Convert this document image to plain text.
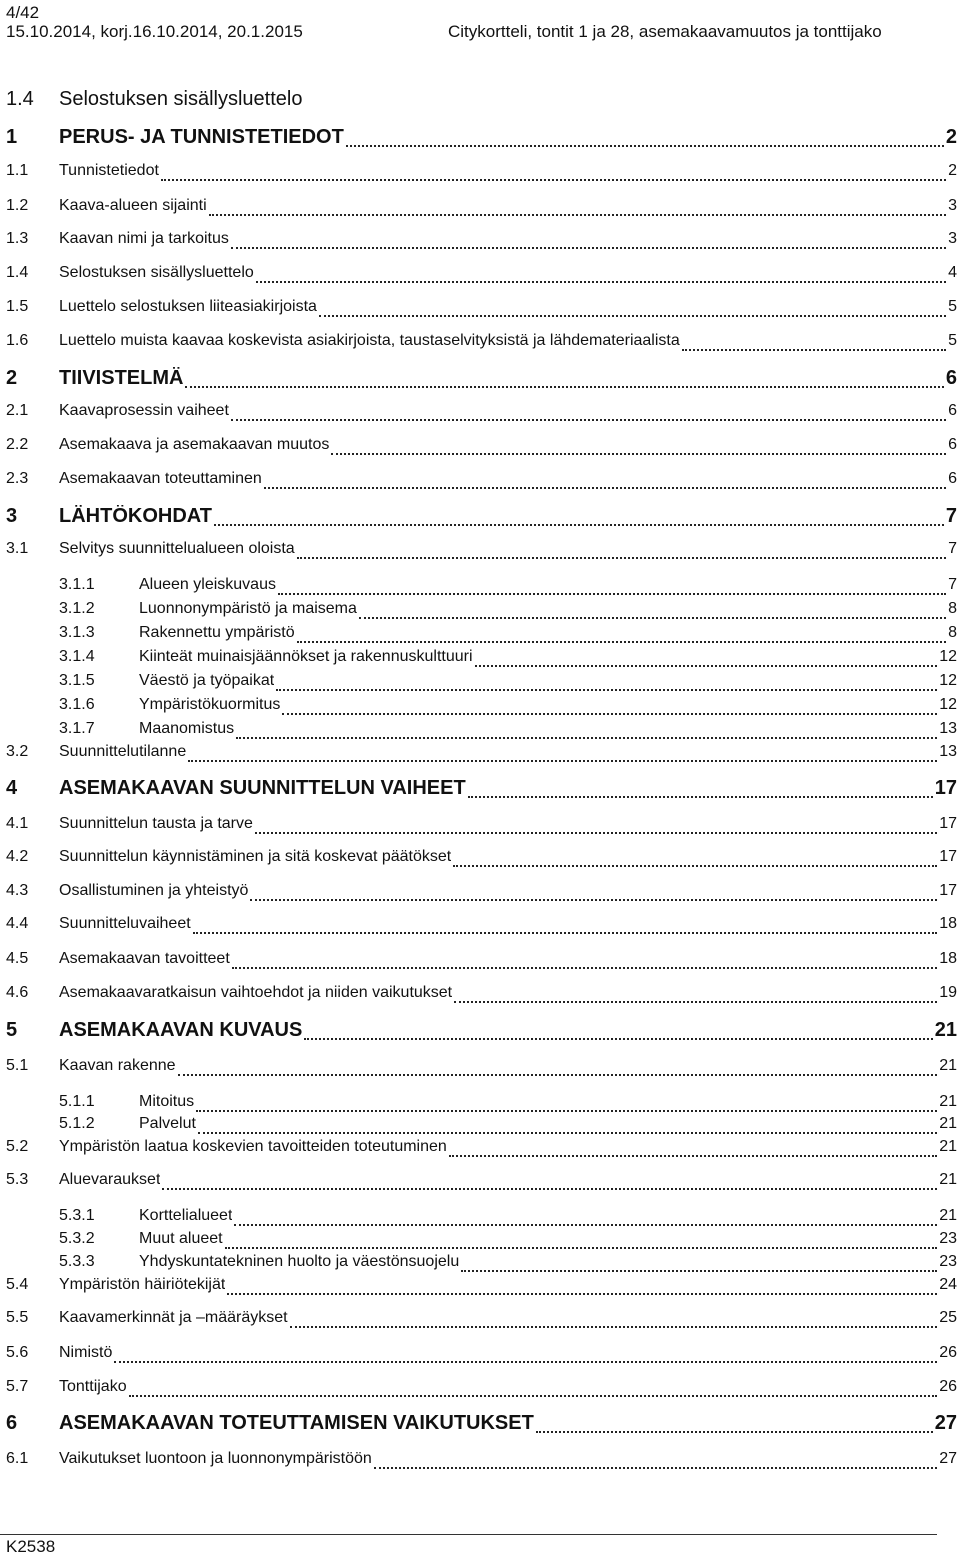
4/42
15.10.2014, korj.16.10.2014, 20.1.2015	Citykortteli, tontit 1 ja 28, asemakaavamuutos ja tonttijako
1.4	Selostuksen sisällysluettelo
1	PERUS- JA TUNNISTETIEDOT	2
1.1	Tunnistetiedot	2
1.2	Kaava-alueen sijainti	3
1.3	Kaavan nimi ja tarkoitus	3
1.4	Selostuksen sisällysluettelo	4
1.5	Luettelo selostuksen liiteasiakirjoista	5
1.6	Luettelo muista kaavaa koskevista asiakirjoista, taustaselvityksistä ja lähdemateriaalista	5
2	TIIVISTELMÄ	6
2.1	Kaavaprosessin vaiheet	6
2.2	Asemakaava ja asemakaavan muutos	6
2.3	Asemakaavan toteuttaminen	6
3	LÄHTÖKOHDAT	7
3.1	Selvitys suunnittelualueen oloista	7
3.1.1	Alueen yleiskuvaus	7
3.1.2	Luonnonympäristö ja maisema	8
3.1.3	Rakennettu ympäristö	8
3.1.4	Kiinteät muinaisjäännökset ja rakennuskulttuuri	12
3.1.5	Väestö ja työpaikat	12
3.1.6	Ympäristökuormitus	12
3.1.7	Maanomistus	13
3.2	Suunnittelutilanne	13
4	ASEMAKAAVAN SUUNNITTELUN VAIHEET	17
4.1	Suunnittelun tausta ja tarve	17
4.2	Suunnittelun käynnistäminen ja sitä koskevat päätökset	17
4.3	Osallistuminen ja yhteistyö	17
4.4	Suunnitteluvaiheet	18
4.5	Asemakaavan tavoitteet	18
4.6	Asemakaavaratkaisun vaihtoehdot ja niiden vaikutukset	19
5	ASEMAKAAVAN KUVAUS	21
5.1	Kaavan rakenne	21
5.1.1	Mitoitus	21
5.1.2	Palvelut	21
5.2	Ympäristön laatua koskevien tavoitteiden toteutuminen	21
5.3	Aluevaraukset	21
5.3.1	Korttelialueet	21
5.3.2	Muut alueet	23
5.3.3	Yhdyskuntatekninen huolto ja väestönsuojelu	23
5.4	Ympäristön häiriötekijät	24
5.5	Kaavamerkinnät ja –määräykset	25
5.6	Nimistö	26
5.7	Tonttijako	26
6	ASEMAKAAVAN TOTEUTTAMISEN VAIKUTUKSET	27
6.1	Vaikutukset luontoon ja luonnonympäristöön	27
K2538
